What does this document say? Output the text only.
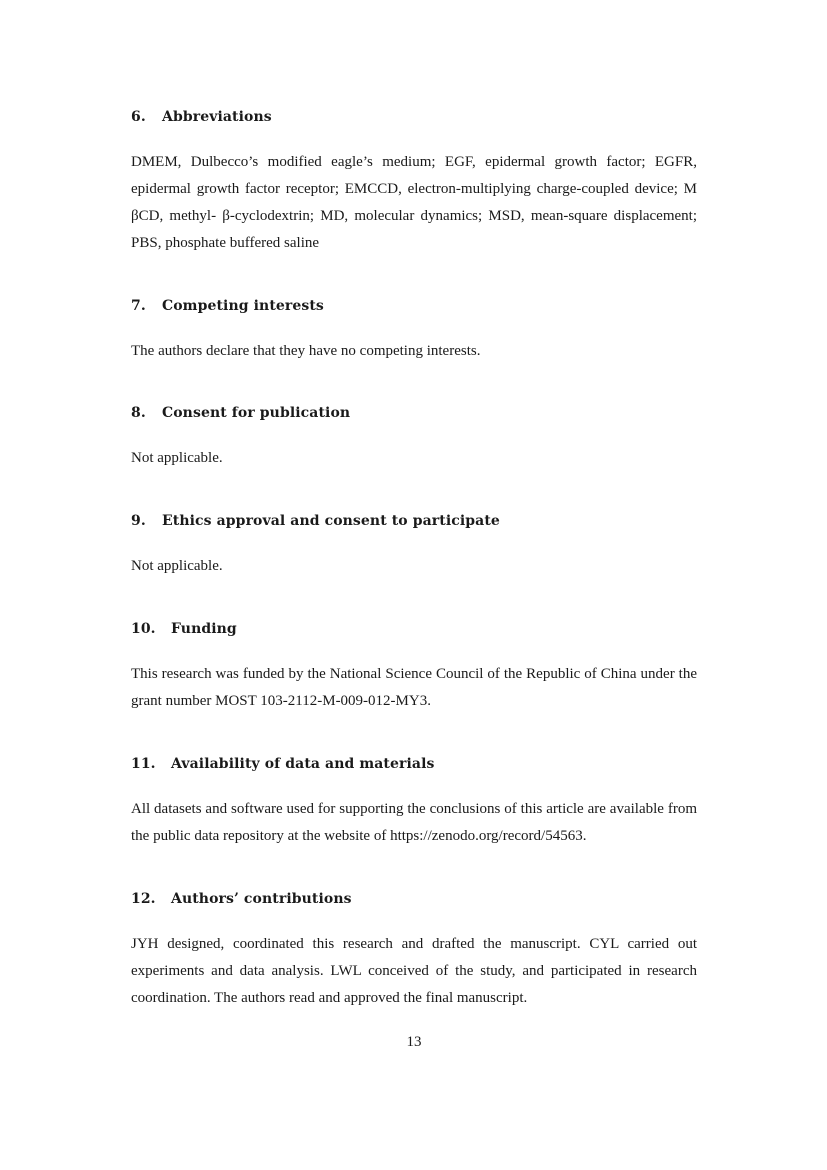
6. Abbreviations

DMEM, Dulbecco’s modified eagle’s medium; EGF, epidermal growth factor; EGFR, epidermal growth factor receptor; EMCCD, electron-multiplying charge-coupled device; M βCD, methyl- β-cyclodextrin; MD, molecular dynamics; MSD, mean-square displacement; PBS, phosphate buffered saline

7. Competing interests

The authors declare that they have no competing interests.

8. Consent for publication

Not applicable.

9. Ethics approval and consent to participate

Not applicable.

10. Funding

This research was funded by the National Science Council of the Republic of China under the grant number MOST 103-2112-M-009-012-MY3.

11. Availability of data and materials

All datasets and software used for supporting the conclusions of this article are available from the public data repository at the website of https://zenodo.org/record/54563.

12. Authors’ contributions

JYH designed, coordinated this research and drafted the manuscript. CYL carried out experiments and data analysis. LWL conceived of the study, and participated in research coordination. The authors read and approved the final manuscript.

13
